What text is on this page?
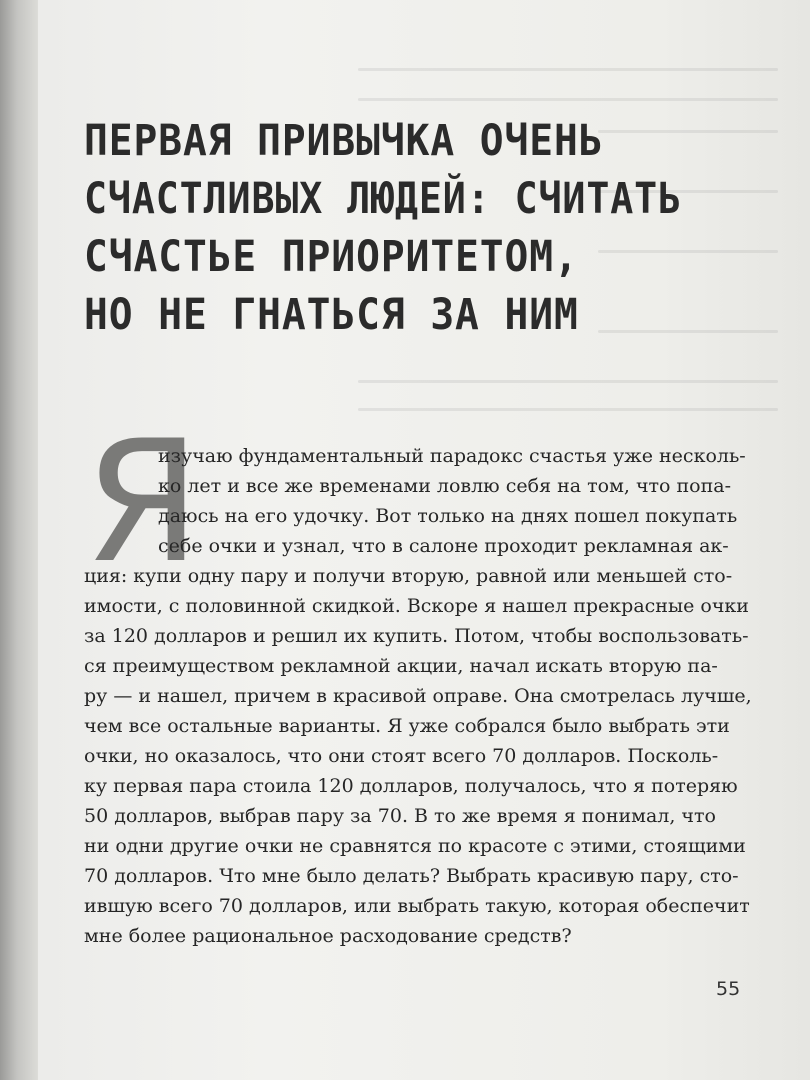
ПЕРВАЯ ПРИВЫЧКА ОЧЕНЬ
СЧАСТЛИВЫХ ЛЮДЕЙ: СЧИТАТЬ
СЧАСТЬЕ ПРИОРИТЕТОМ,
НО НЕ ГНАТЬСЯ ЗА НИМ
Я
изучаю фундаментальный парадокс счастья уже несколь-
ко лет и все же временами ловлю себя на том, что попа-
даюсь на его удочку. Вот только на днях пошел покупать
себе очки и узнал, что в салоне проходит рекламная ак-
ция: купи одну пару и получи вторую, равной или меньшей сто-
имости, с половинной скидкой. Вскоре я нашел прекрасные очки
за 120 долларов и решил их купить. Потом, чтобы воспользовать-
ся преимуществом рекламной акции, начал искать вторую па-
ру — и нашел, причем в красивой оправе. Она смотрелась лучше,
чем все остальные варианты. Я уже собрался было выбрать эти
очки, но оказалось, что они стоят всего 70 долларов. Посколь-
ку первая пара стоила 120 долларов, получалось, что я потеряю
50 долларов, выбрав пару за 70. В то же время я понимал, что
ни одни другие очки не сравнятся по красоте с этими, стоящими
70 долларов. Что мне было делать? Выбрать красивую пару, сто-
ившую всего 70 долларов, или выбрать такую, которая обеспечит
мне более рациональное расходование средств?
55
